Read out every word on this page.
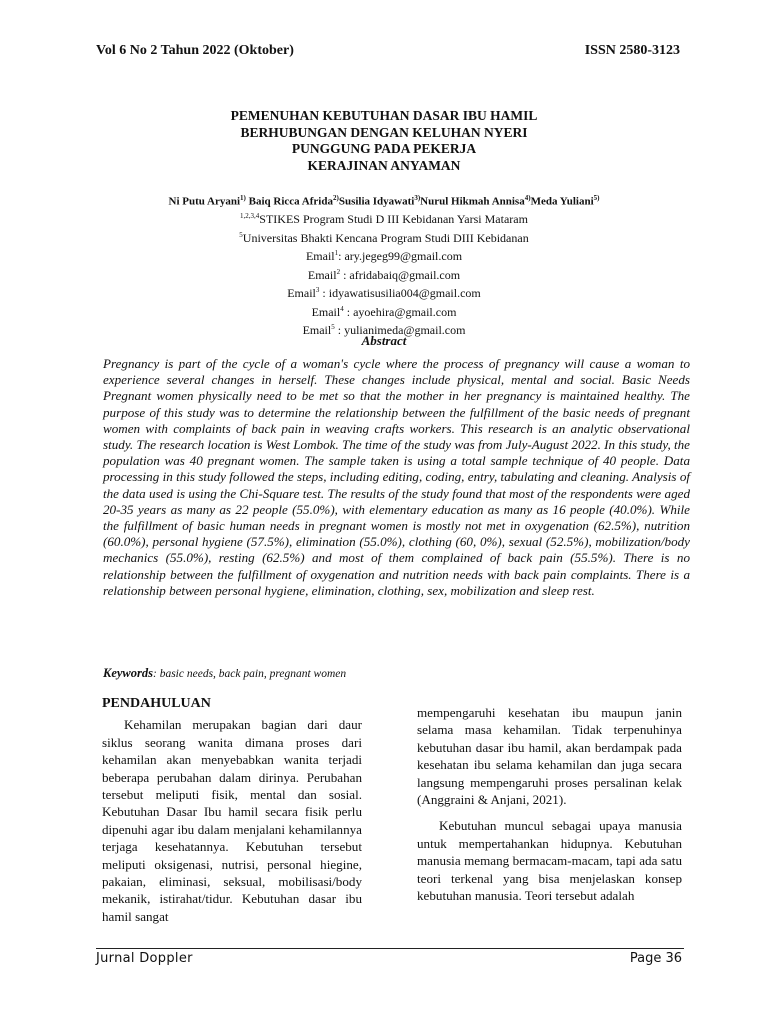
Vol 6 No 2 Tahun 2022 (Oktober)	ISSN 2580-3123
PEMENUHAN KEBUTUHAN DASAR IBU HAMIL
BERHUBUNGAN DENGAN KELUHAN NYERI
PUNGGUNG PADA PEKERJA
KERAJINAN ANYAMAN
Ni Putu Aryani$^{1)}$ Baiq Ricca Afrida$^{2)}$Susilia Idyawati$^{3)}$Nurul Hikmah Annisa$^{4)}$Meda Yuliani$^{5)}$
$^{1,2,3,4}$STIKES Program Studi D III Kebidanan Yarsi Mataram
$^5$Universitas Bhakti Kencana Program Studi DIII Kebidanan
Email$^1$: ary.jegeg99@gmail.com
Email$^2$ : afridabaiq@gmail.com
Email$^3$ : idyawatisusilia004@gmail.com
Email$^4$ : ayoehira@gmail.com
Email$^5$ : yulianimeda@gmail.com
Abstract

Pregnancy is part of the cycle of a woman's cycle where the process of pregnancy will cause a woman to experience several changes in herself. These changes include physical, mental and social. Basic Needs Pregnant women physically need to be met so that the mother in her pregnancy is maintained healthy. The purpose of this study was to determine the relationship between the fulfillment of the basic needs of pregnant women with complaints of back pain in weaving crafts workers. This research is an analytic observational study. The research location is West Lombok. The time of the study was from July-August 2022. In this study, the population was 40 pregnant women. The sample taken is using a total sample technique of 40 people. Data processing in this study followed the steps, including editing, coding, entry, tabulating and cleaning. Analysis of the data used is using the Chi-Square test. The results of the study found that most of the respondents were aged 20-35 years as many as 22 people (55.0%), with elementary education as many as 16 people (40.0%). While the fulfillment of basic human needs in pregnant women is mostly not met in oxygenation (62.5%), nutrition (60.0%), personal hygiene (57.5%), elimination (55.0%), clothing (60, 0%), sexual (52.5%), mobilization/body mechanics (55.0%), resting (62.5%) and most of them complained of back pain (55.5%). There is no relationship between the fulfillment of oxygenation and nutrition needs with back pain complaints. There is a relationship between personal hygiene, elimination, clothing, sex, mobilization and sleep rest.

Keywords: basic needs, back pain, pregnant women
PENDAHULUAN

Kehamilan merupakan bagian dari daur siklus seorang wanita dimana proses dari kehamilan akan menyebabkan wanita terjadi beberapa perubahan dalam dirinya. Perubahan tersebut meliputi fisik, mental dan sosial. Kebutuhan Dasar Ibu hamil secara fisik perlu dipenuhi agar ibu dalam menjalani kehamilannya terjaga kesehatannya. Kebutuhan tersebut meliputi oksigenasi, nutrisi, personal hiegine, pakaian, eliminasi, seksual, mobilisasi/body mekanik, istirahat/tidur. Kebutuhan dasar ibu hamil sangat

mempengaruhi kesehatan ibu maupun janin selama masa kehamilan. Tidak terpenuhinya kebutuhan dasar ibu hamil, akan berdampak pada kesehatan ibu selama kehamilan dan juga secara langsung mempengaruhi proses persalinan kelak (Anggraini & Anjani, 2021).

Kebutuhan muncul sebagai upaya manusia untuk mempertahankan hidupnya. Kebutuhan manusia memang bermacam-macam, tapi ada satu teori terkenal yang bisa menjelaskan konsep kebutuhan manusia. Teori tersebut adalah

Jurnal Doppler	Page 36
